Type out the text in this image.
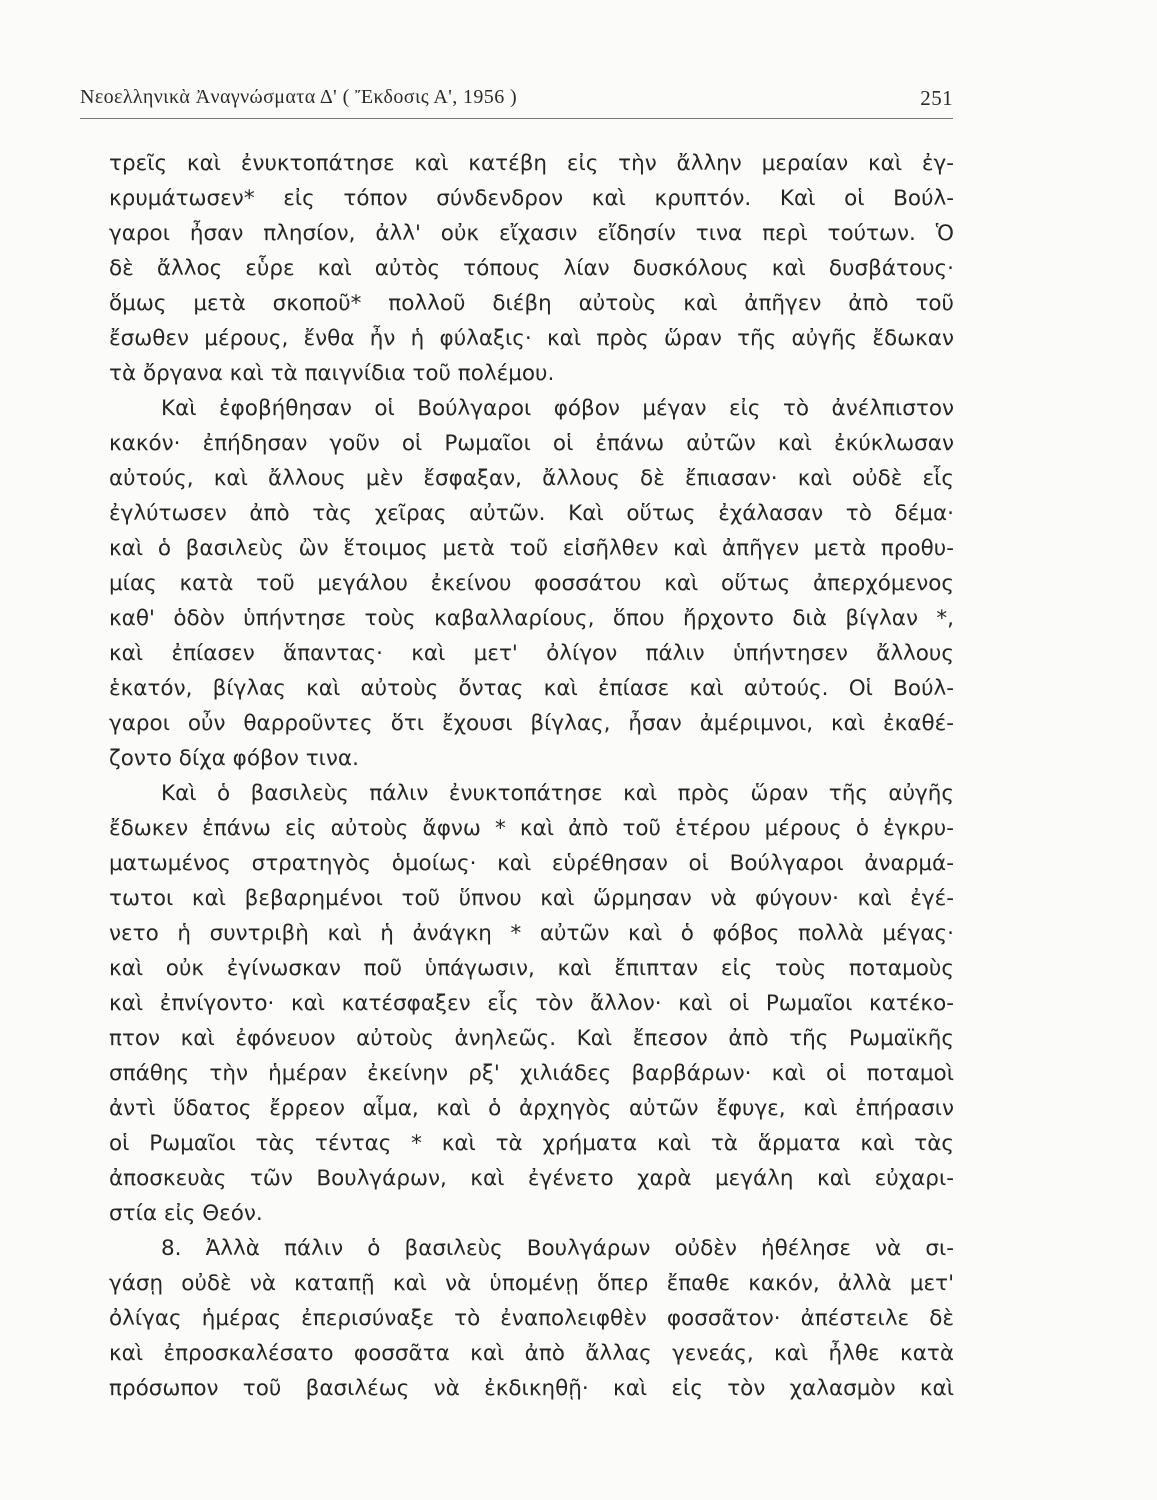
Νεοελληνικὰ Ἀναγνώσματα Δ' ( Ἔκδοσις Α', 1956 )	251
τρεῖς καὶ ἐνυκτοπάτησε καὶ κατέβη εἰς τὴν ἄλλην μεραίαν καὶ ἐγ-
κρυμάτωσεν* εἰς τόπον σύνδενδρον καὶ κρυπτόν. Καὶ οἱ Βούλ-
γαροι ἦσαν πλησίον, ἀλλ' οὐκ εἴχασιν εἴδησίν τινα περὶ τούτων. Ὁ
δὲ ἄλλος εὗρε καὶ αὐτὸς τόπους λίαν δυσκόλους καὶ δυσβάτους·
ὅμως μετὰ σκοποῦ* πολλοῦ διέβη αὐτοὺς καὶ ἀπῆγεν ἀπὸ τοῦ
ἔσωθεν μέρους, ἔνθα ἦν ἡ φύλαξις· καὶ πρὸς ὥραν τῆς αὐγῆς ἔδωκαν
τὰ ὄργανα καὶ τὰ παιγνίδια τοῦ πολέμου.
Καὶ ἐφοβήθησαν οἱ Βούλγαροι φόβον μέγαν εἰς τὸ ἀνέλπιστον
κακόν· ἐπήδησαν γοῦν οἱ Ρωμαῖοι οἱ ἐπάνω αὐτῶν καὶ ἐκύκλωσαν
αὐτούς, καὶ ἄλλους μὲν ἔσφαξαν, ἄλλους δὲ ἔπιασαν· καὶ οὐδὲ εἷς
ἐγλύτωσεν ἀπὸ τὰς χεῖρας αὐτῶν. Καὶ οὕτως ἐχάλασαν τὸ δέμα·
καὶ ὁ βασιλεὺς ὢν ἕτοιμος μετὰ τοῦ εἰσῆλθεν καὶ ἀπῆγεν μετὰ προθυ-
μίας κατὰ τοῦ μεγάλου ἐκείνου φοσσάτου καὶ οὕτως ἀπερχόμενος
καθ' ὁδὸν ὑπήντησε τοὺς καβαλλαρίους, ὅπου ἤρχοντο διὰ βίγλαν *,
καὶ ἐπίασεν ἅπαντας· καὶ μετ' ὀλίγον πάλιν ὑπήντησεν ἄλλους
ἑκατόν, βίγλας καὶ αὐτοὺς ὄντας καὶ ἐπίασε καὶ αὐτούς. Οἱ Βούλ-
γαροι οὖν θαρροῦντες ὅτι ἔχουσι βίγλας, ἦσαν ἀμέριμνοι, καὶ ἐκαθέ-
ζοντο δίχα φόβον τινα.
Καὶ ὁ βασιλεὺς πάλιν ἐνυκτοπάτησε καὶ πρὸς ὥραν τῆς αὐγῆς
ἔδωκεν ἐπάνω εἰς αὐτοὺς ἄφνω * καὶ ἀπὸ τοῦ ἑτέρου μέρους ὁ ἐγκρυ-
ματωμένος στρατηγὸς ὁμοίως· καὶ εὑρέθησαν οἱ Βούλγαροι ἀναρμά-
τωτοι καὶ βεβαρημένοι τοῦ ὕπνου καὶ ὥρμησαν νὰ φύγουν· καὶ ἐγέ-
νετο ἡ συντριβὴ καὶ ἡ ἀνάγκη * αὐτῶν καὶ ὁ φόβος πολλὰ μέγας·
καὶ οὐκ ἐγίνωσκαν ποῦ ὑπάγωσιν, καὶ ἔπιπταν εἰς τοὺς ποταμοὺς
καὶ ἐπνίγοντο· καὶ κατέσφαξεν εἷς τὸν ἄλλον· καὶ οἱ Ρωμαῖοι κατέκο-
πτον καὶ ἐφόνευον αὐτοὺς ἀνηλεῶς. Καὶ ἔπεσον ἀπὸ τῆς Ρωμαϊκῆς
σπάθης τὴν ἡμέραν ἐκείνην ρξ' χιλιάδες βαρβάρων· καὶ οἱ ποταμοὶ
ἀντὶ ὕδατος ἔρρεον αἷμα, καὶ ὁ ἀρχηγὸς αὐτῶν ἔφυγε, καὶ ἐπήρασιν
οἱ Ρωμαῖοι τὰς τέντας * καὶ τὰ χρήματα καὶ τὰ ἅρματα καὶ τὰς
ἀποσκευὰς τῶν Βουλγάρων, καὶ ἐγένετο χαρὰ μεγάλη καὶ εὐχαρι-
στία εἰς Θεόν.
8. Ἀλλὰ πάλιν ὁ βασιλεὺς Βουλγάρων οὐδὲν ἠθέλησε νὰ σι-
γάσῃ οὐδὲ νὰ καταπῇ καὶ νὰ ὑπομένῃ ὅπερ ἔπαθε κακόν, ἀλλὰ μετ'
ὀλίγας ἡμέρας ἐπερισύναξε τὸ ἐναπολειφθὲν φοσσᾶτον· ἀπέστειλε δὲ
καὶ ἐπροσκαλέσατο φοσσᾶτα καὶ ἀπὸ ἄλλας γενεάς, καὶ ἦλθε κατὰ
πρόσωπον τοῦ βασιλέως νὰ ἐκδικηθῇ· καὶ εἰς τὸν χαλασμὸν καὶ
